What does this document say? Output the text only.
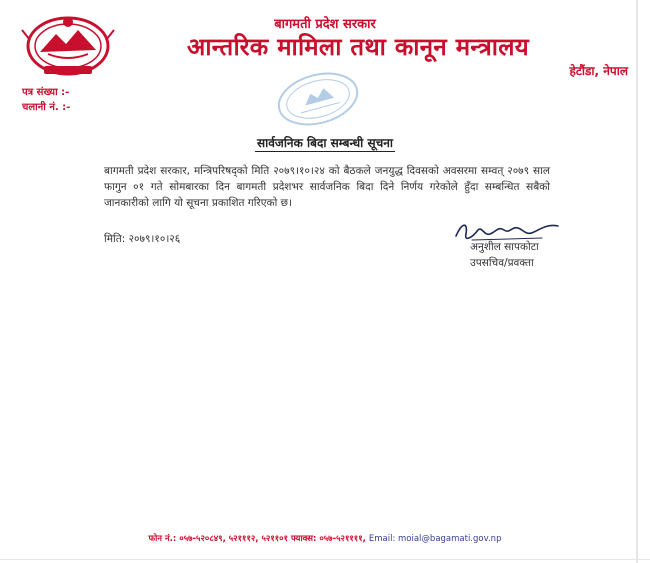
बागमती प्रदेश सरकार
आन्तरिक मामिला तथा कानून मन्त्रालय
हेटौंडा, नेपाल
पत्र संख्या :-
चलानी नं. :-
सार्वजनिक बिदा सम्बन्धी सूचना
बागमती प्रदेश सरकार, मन्त्रिपरिषद्को मिति २०७९।१०।२४ को बैठकले जनयुद्ध दिवसको अवसरमा सम्वत् २०७९ साल फागुन ०१ गते सोमबारका दिन बागमती प्रदेशभर सार्वजनिक बिदा दिने निर्णय गरेकोले हुँदा सम्बन्धित सबैको जानकारीको लागि यो सूचना प्रकाशित गरिएको छ।
मिति: २०७९।१०।२६
अनुशील सापकोटा
उपसचिव/प्रवक्ता
फोन नं.: ०५७-५२०८४९, ५२१११२, ५२११०१ फ्याक्स: ०५७-५२११११, Email: moial@bagamati.gov.np
